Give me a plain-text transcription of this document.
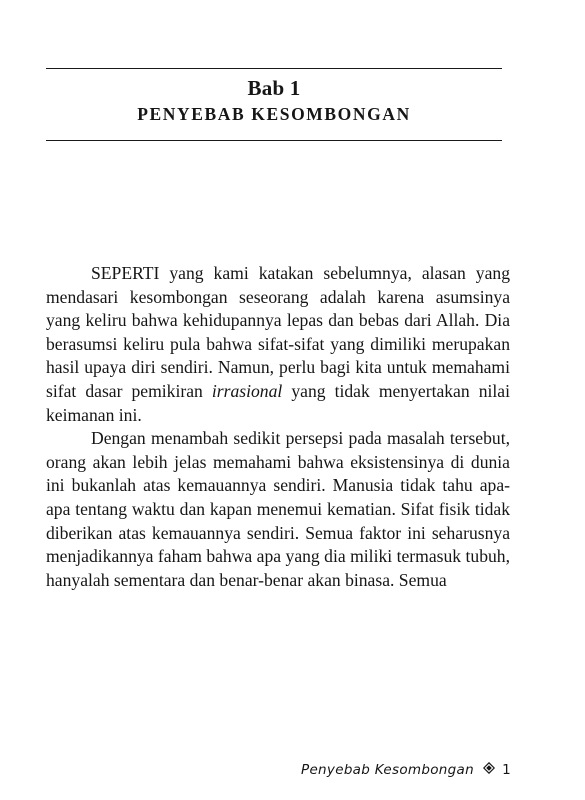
Bab 1
PENYEBAB KESOMBONGAN

SEPERTI yang kami katakan sebelumnya, alasan yang mendasari kesombongan seseorang adalah karena asumsinya yang keliru bahwa kehidupannya lepas dan bebas dari Allah. Dia berasumsi keliru pula bahwa sifat-sifat yang dimiliki merupakan hasil upaya diri sendiri. Namun, perlu bagi kita untuk memahami sifat dasar pemikiran irrasional yang tidak menyertakan nilai keimanan ini.

Dengan menambah sedikit persepsi pada masalah tersebut, orang akan lebih jelas memahami bahwa eksistensinya di dunia ini bukanlah atas kemauannya sendiri. Manusia tidak tahu apa-apa tentang waktu dan kapan menemui kematian. Sifat fisik tidak diberikan atas kemauannya sendiri. Semua faktor ini seharusnya menjadikannya faham bahwa apa yang dia miliki termasuk tubuh, hanyalah sementara dan benar-benar akan binasa. Semua

Penyebab Kesombongan 1
